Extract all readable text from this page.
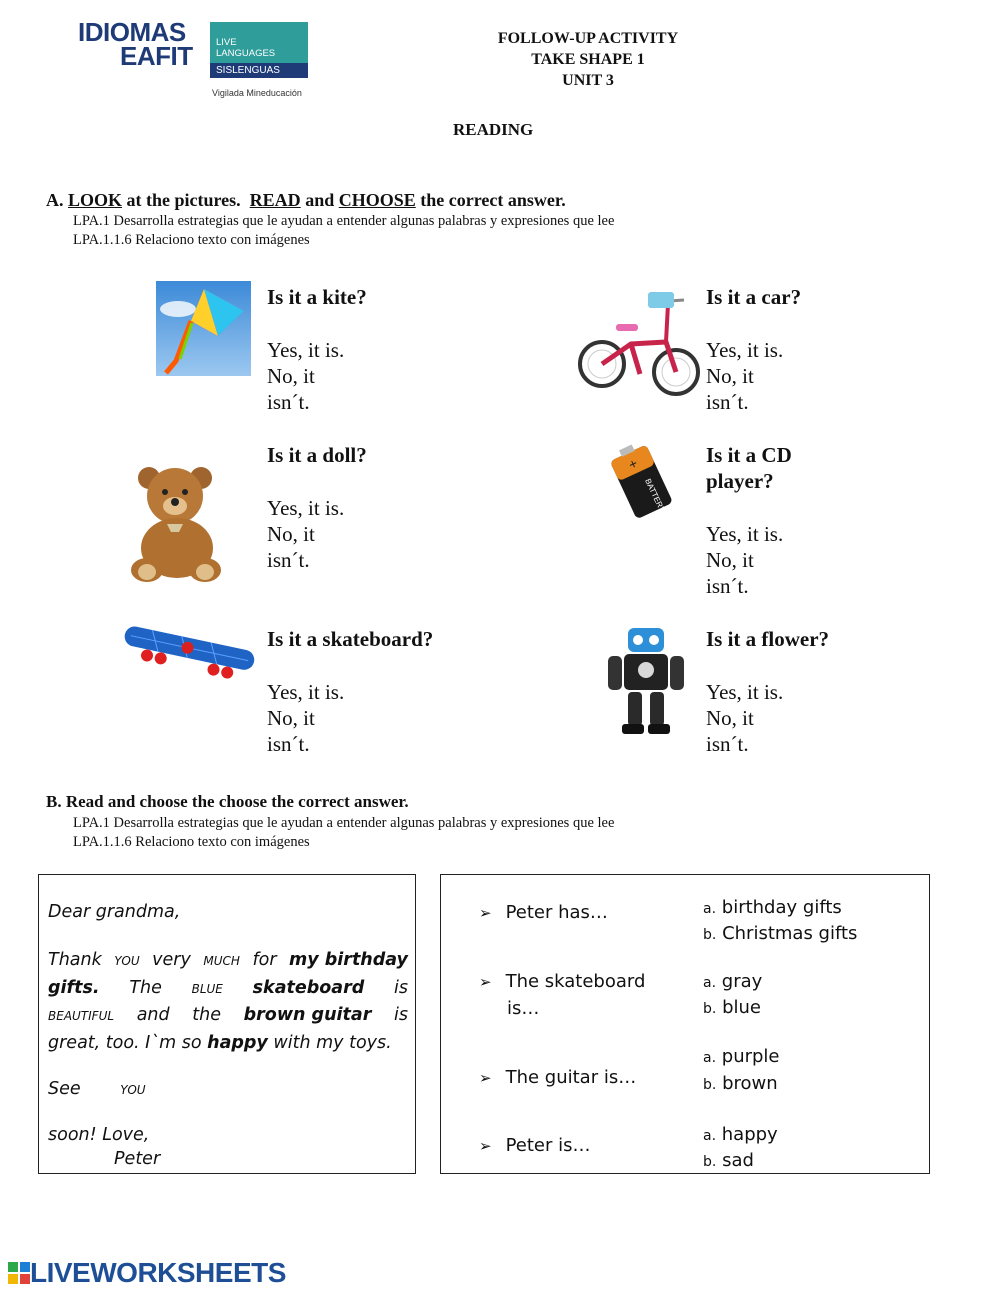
IDIOMAS
EAFIT LIVE
LANGUAGES
SISLENGUAS
Vigilada Mineducación
FOLLOW-UP ACTIVITY
TAKE SHAPE 1
UNIT 3
READING
A. LOOK at the pictures. READ and CHOOSE the correct answer.
LPA.1 Desarrolla estrategias que le ayudan a entender algunas palabras y expresiones que lee
LPA.1.1.6 Relaciono texto con imágenes
Is it a kite?
Yes, it is.
No, it
isn´t.
Is it a car?
Yes, it is.
No, it
isn´t.
Is it a doll?
Yes, it is.
No, it
isn´t.
+
BATTERY
Is it a CD
player?
Yes, it is.
No, it
isn´t.
Is it a skateboard?
Yes, it is.
No, it
isn´t.
Is it a flower?
Yes, it is.
No, it
isn´t.
B. Read and choose the choose the correct answer.
LPA.1 Desarrolla estrategias que le ayudan a entender algunas palabras y expresiones que lee
LPA.1.1.6 Relaciono texto con imágenes
Dear grandma,
Thank you very much for my birthday
gifts. The blue skateboard is
beautiful and the brown guitar is
great, too. I`m so happy with my toys.
See you
soon! Love,
Peter
➢ Peter has…	a. birthday gifts
b. Christmas gifts
➢ The skateboard
is…
a. gray
b. blue
➢ The guitar is…
a. purple
b. brown
➢ Peter is…	a. happy
b. sad
LIVEWORKSHEETS
